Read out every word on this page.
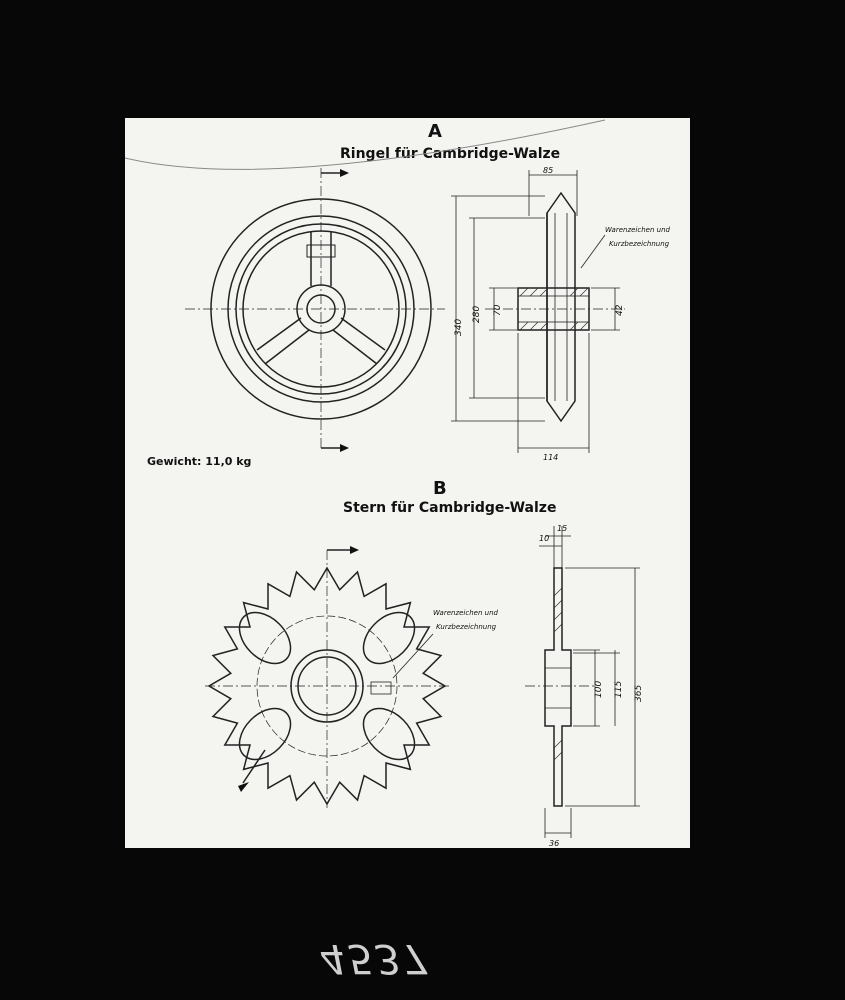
A
Ringel für Cambridge-Walze
Gewicht: 11,0 kg
B
Stern für Cambridge-Walze
85
114
340
280 70	42
Warenzeichen und
Kurzbezeichnung
15
10
36
100 115 365
Warenzeichen und
Kurzbezeichnung
4537
